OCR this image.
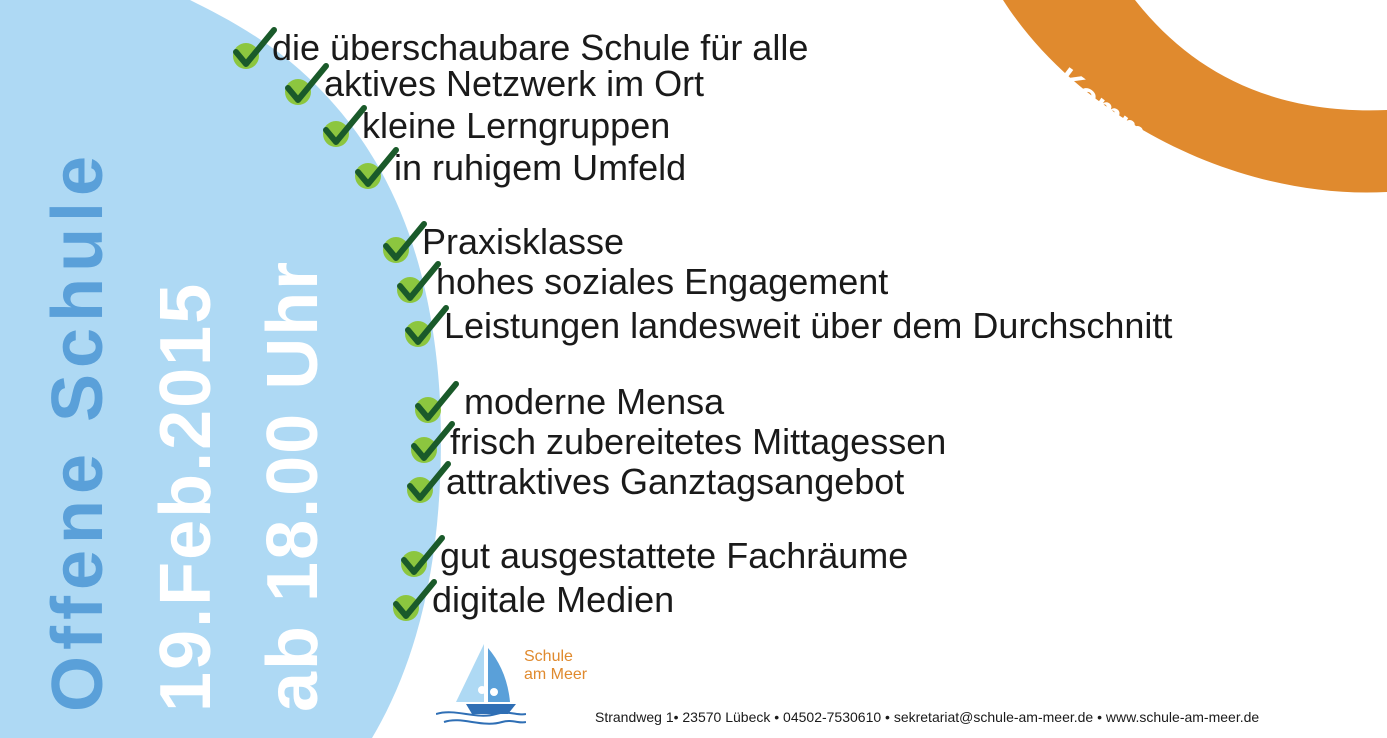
Offene Schule 19.Feb.2015 ab 18.00 Uhr
Komm an Bord!
die überschaubare Schule für alle
aktives Netzwerk im Ort
kleine Lerngruppen
in ruhigem Umfeld
Praxisklasse
hohes soziales Engagement
Leistungen landesweit über dem Durchschnitt
moderne Mensa
frisch zubereitetes Mittagessen
attraktives Ganztagsangebot
gut ausgestattete Fachräume
digitale Medien
Schule
am Meer
Strandweg 1• 23570 Lübeck • 04502-7530610 • sekretariat@schule-am-meer.de • www.schule-am-meer.de
